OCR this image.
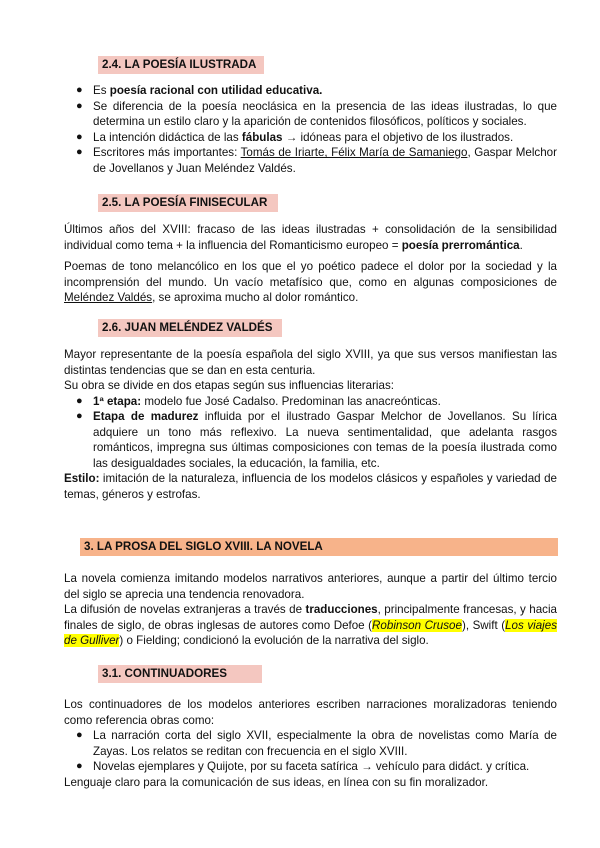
2.4. LA POESÍA ILUSTRADA
● Es poesía racional con utilidad educativa.
● Se diferencia de la poesía neoclásica en la presencia de las ideas ilustradas, lo que determina un estilo claro y la aparición de contenidos filosóficos, políticos y sociales.
● La intención didáctica de las fábulas → idóneas para el objetivo de los ilustrados.
● Escritores más importantes: Tomás de Iriarte, Félix María de Samaniego, Gaspar Melchor de Jovellanos y Juan Meléndez Valdés.
2.5. LA POESÍA FINISECULAR

Últimos años del XVIII: fracaso de las ideas ilustradas + consolidación de la sensibilidad individual como tema + la influencia del Romanticismo europeo = poesía prerromántica.

Poemas de tono melancólico en los que el yo poético padece el dolor por la sociedad y la incomprensión del mundo. Un vacío metafísico que, como en algunas composiciones de Meléndez Valdés, se aproxima mucho al dolor romántico.

2.6. JUAN MELÉNDEZ VALDÉS

Mayor representante de la poesía española del siglo XVIII, ya que sus versos manifiestan las distintas tendencias que se dan en esta centuria.

Su obra se divide en dos etapas según sus influencias literarias:

● 1ª etapa: modelo fue José Cadalso. Predominan las anacreónticas.
● Etapa de madurez influida por el ilustrado Gaspar Melchor de Jovellanos. Su lírica adquiere un tono más reflexivo. La nueva sentimentalidad, que adelanta rasgos románticos, impregna sus últimas composiciones con temas de la poesía ilustrada como las desigualdades sociales, la educación, la familia, etc.

Estilo: imitación de la naturaleza, influencia de los modelos clásicos y españoles y variedad de temas, géneros y estrofas.

3. LA PROSA DEL SIGLO XVIII. LA NOVELA

La novela comienza imitando modelos narrativos anteriores, aunque a partir del último tercio del siglo se aprecia una tendencia renovadora.

La difusión de novelas extranjeras a través de traducciones, principalmente francesas, y hacia finales de siglo, de obras inglesas de autores como Defoe (Robinson Crusoe), Swift (Los viajes de Gulliver) o Fielding; condicionó la evolución de la narrativa del siglo.

3.1. CONTINUADORES

Los continuadores de los modelos anteriores escriben narraciones moralizadoras teniendo como referencia obras como:

● La narración corta del siglo XVII, especialmente la obra de novelistas como María de Zayas. Los relatos se reditan con frecuencia en el siglo XVIII.
● Novelas ejemplares y Quijote, por su faceta satírica → vehículo para didáct. y crítica.

Lenguaje claro para la comunicación de sus ideas, en línea con su fin moralizador.
